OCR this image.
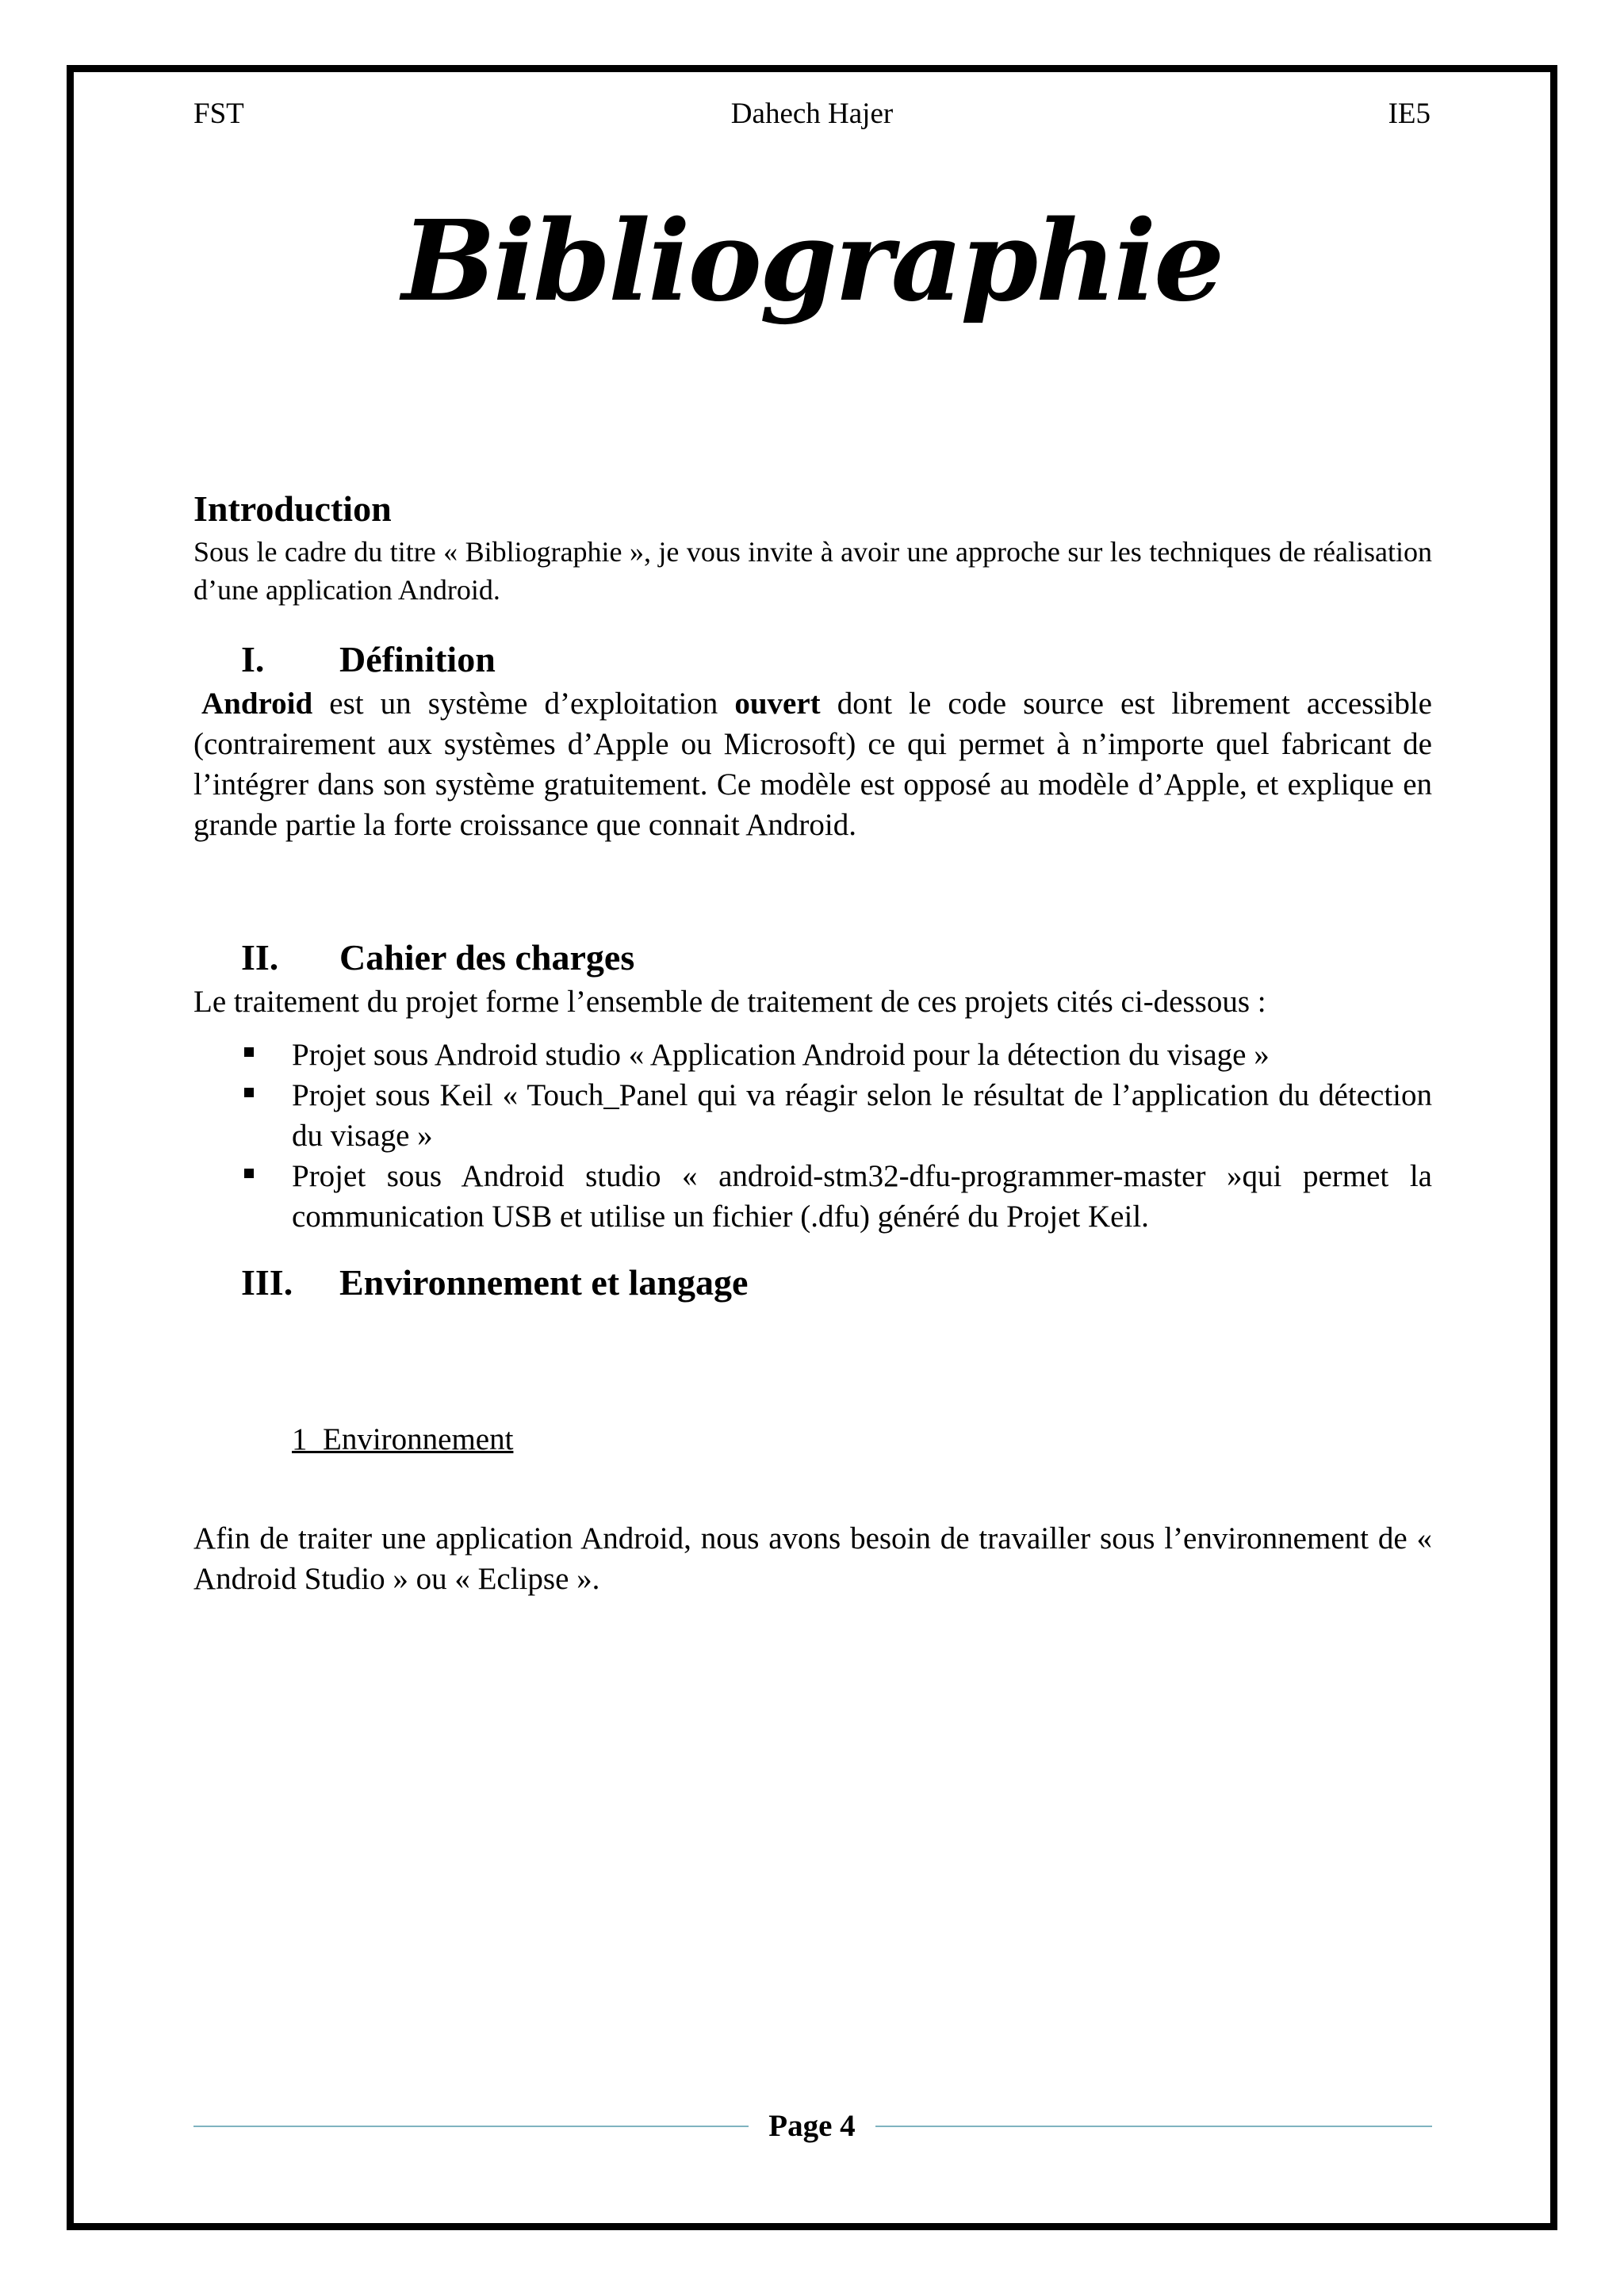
FST	Dahech Hajer	IE5
Bibliographie
Introduction

Sous le cadre du titre « Bibliographie », je vous invite à avoir une approche sur les techniques de réalisation d’une application Android.

I.	Définition

Android est un système d’exploitation ouvert dont le code source est librement accessible (contrairement aux systèmes d’Apple ou Microsoft) ce qui permet à n’importe quel fabricant de l’intégrer dans son système gratuitement. Ce modèle est opposé au modèle d’Apple, et explique en grande partie la forte croissance que connait Android.

II.	Cahier des charges

Le traitement du projet forme l’ensemble de traitement de ces projets cités ci-dessous :

Projet sous Android studio « Application Android pour la détection du visage »
Projet sous Keil « Touch_Panel qui va réagir selon le résultat de l’application du détection du visage »
Projet sous Android studio « android-stm32-dfu-programmer-master »qui permet la communication USB et utilise un fichier (.dfu) généré du Projet Keil.
III.	Environnement et langage
1_Environnement

Afin de traiter une application Android, nous avons besoin de travailler sous l’environnement de « Android Studio » ou « Eclipse ».

Page 4
